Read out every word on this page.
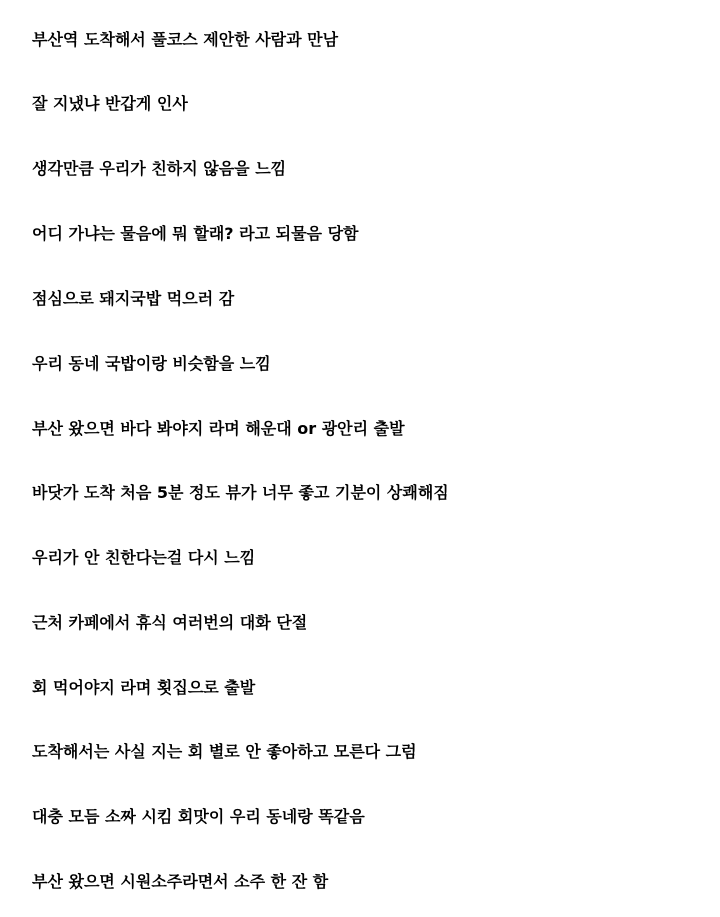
부산역 도착해서 풀코스 제안한 사람과 만남
잘 지냈냐 반갑게 인사
생각만큼 우리가 친하지 않음을 느낌
어디 가냐는 물음에 뭐 할래? 라고 되물음 당함
점심으로 돼지국밥 먹으러 감
우리 동네 국밥이랑 비슷함을 느낌
부산 왔으면 바다 봐야지 라며 해운대 or 광안리 출발
바닷가 도착 처음 5분 정도 뷰가 너무 좋고 기분이 상쾌해짐
우리가 안 친한다는걸 다시 느낌
근처 카페에서 휴식 여러번의 대화 단절
회 먹어야지 라며 횟집으로 출발
도착해서는 사실 지는 회 별로 안 좋아하고 모른다 그럼
대충 모듬 소짜 시킴 회맛이 우리 동네랑 똑같음
부산 왔으면 시원소주라면서 소주 한 잔 함
